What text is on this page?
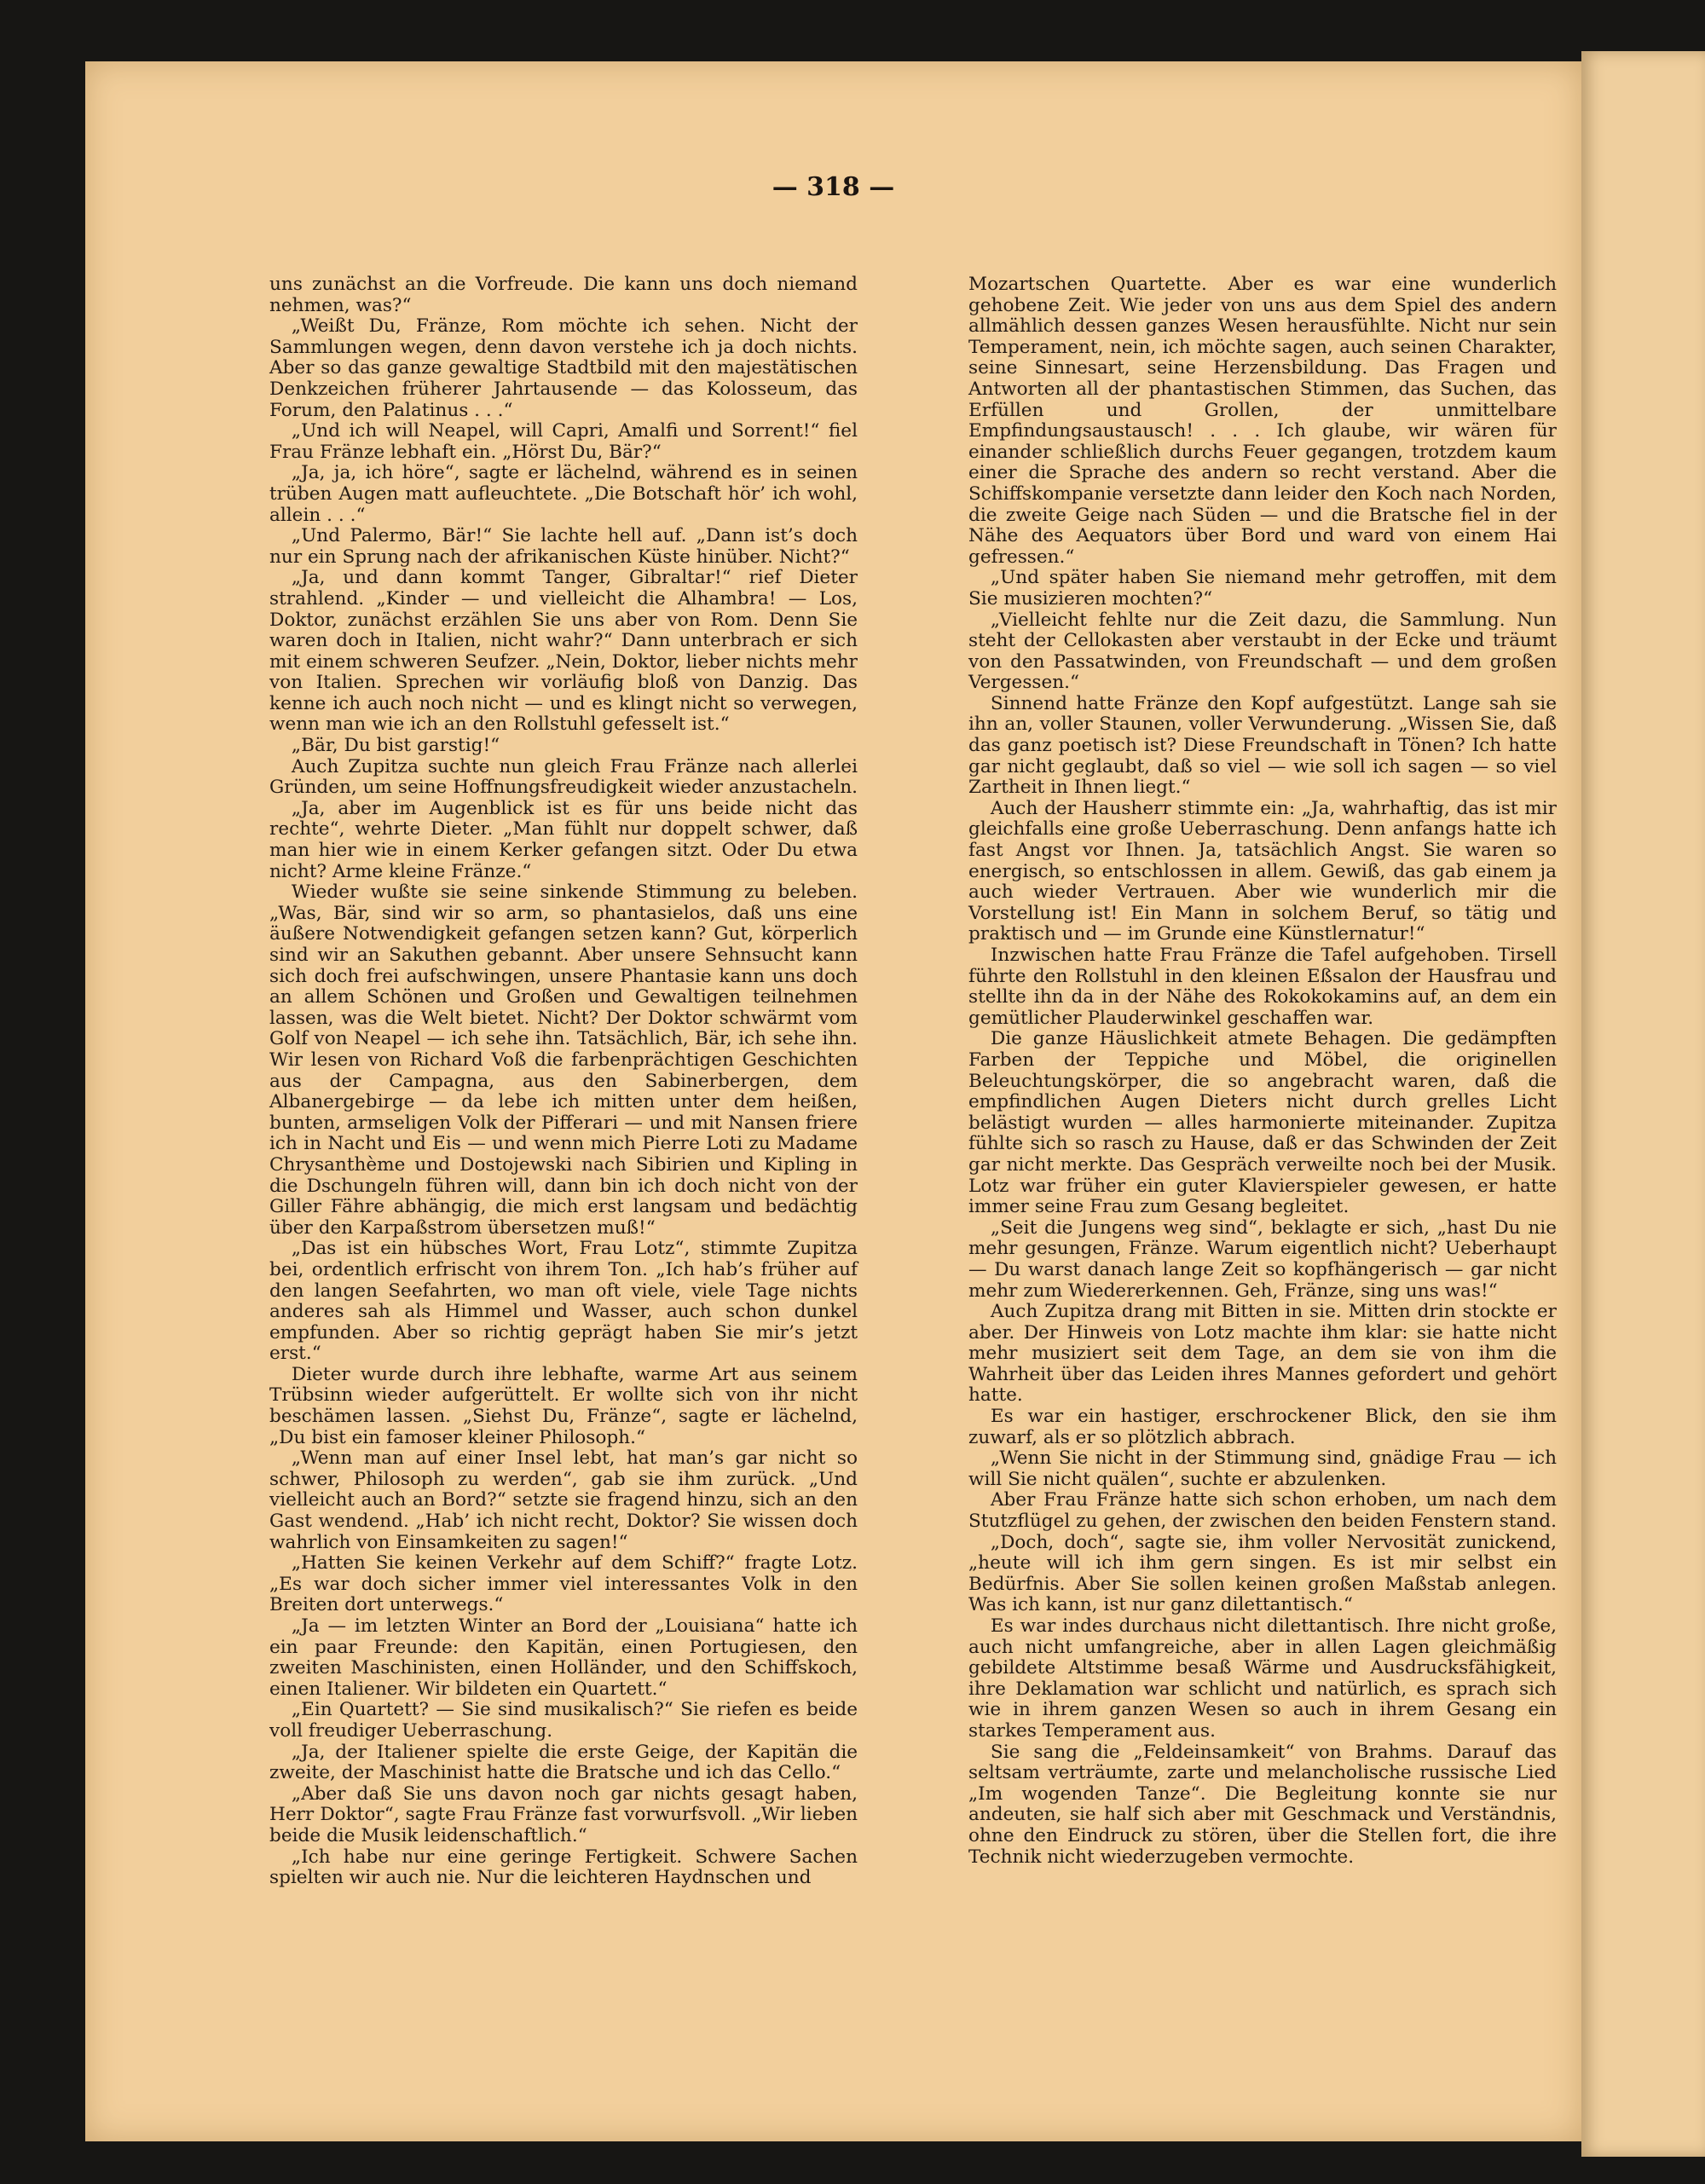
— 318 —

uns zunächst an die Vorfreude. Die kann uns doch niemand nehmen, was?“

„Weißt Du, Fränze, Rom möchte ich sehen. Nicht der Sammlungen wegen, denn davon verstehe ich ja doch nichts. Aber so das ganze gewaltige Stadtbild mit den majestätischen Denkzeichen früherer Jahrtausende — das Kolosseum, das Forum, den Palatinus . . .“

„Und ich will Neapel, will Capri, Amalfi und Sorrent!“ fiel Frau Fränze lebhaft ein. „Hörst Du, Bär?“

„Ja, ja, ich höre“, sagte er lächelnd, während es in seinen trüben Augen matt aufleuchtete. „Die Botschaft hör’ ich wohl, allein . . .“

„Und Palermo, Bär!“ Sie lachte hell auf. „Dann ist’s doch nur ein Sprung nach der afrikanischen Küste hinüber. Nicht?“

„Ja, und dann kommt Tanger, Gibraltar!“ rief Dieter strahlend. „Kinder — und vielleicht die Alhambra! — Los, Doktor, zunächst erzählen Sie uns aber von Rom. Denn Sie waren doch in Italien, nicht wahr?“ Dann unterbrach er sich mit einem schweren Seufzer. „Nein, Doktor, lieber nichts mehr von Italien. Sprechen wir vorläufig bloß von Danzig. Das kenne ich auch noch nicht — und es klingt nicht so verwegen, wenn man wie ich an den Rollstuhl gefesselt ist.“

„Bär, Du bist garstig!“

Auch Zupitza suchte nun gleich Frau Fränze nach allerlei Gründen, um seine Hoffnungsfreudigkeit wieder anzustacheln.

„Ja, aber im Augenblick ist es für uns beide nicht das rechte“, wehrte Dieter. „Man fühlt nur doppelt schwer, daß man hier wie in einem Kerker gefangen sitzt. Oder Du etwa nicht? Arme kleine Fränze.“

Wieder wußte sie seine sinkende Stimmung zu beleben. „Was, Bär, sind wir so arm, so phantasielos, daß uns eine äußere Notwendigkeit gefangen setzen kann? Gut, körperlich sind wir an Sakuthen gebannt. Aber unsere Sehnsucht kann sich doch frei aufschwingen, unsere Phantasie kann uns doch an allem Schönen und Großen und Gewaltigen teilnehmen lassen, was die Welt bietet. Nicht? Der Doktor schwärmt vom Golf von Neapel — ich sehe ihn. Tatsächlich, Bär, ich sehe ihn. Wir lesen von Richard Voß die farbenprächtigen Geschichten aus der Campagna, aus den Sabinerbergen, dem Albanergebirge — da lebe ich mitten unter dem heißen, bunten, armseligen Volk der Pifferari — und mit Nansen friere ich in Nacht und Eis — und wenn mich Pierre Loti zu Madame Chrysanthème und Dostojewski nach Sibirien und Kipling in die Dschungeln führen will, dann bin ich doch nicht von der Giller Fähre abhängig, die mich erst langsam und bedächtig über den Karpaßstrom übersetzen muß!“

„Das ist ein hübsches Wort, Frau Lotz“, stimmte Zupitza bei, ordentlich erfrischt von ihrem Ton. „Ich hab’s früher auf den langen Seefahrten, wo man oft viele, viele Tage nichts anderes sah als Himmel und Wasser, auch schon dunkel empfunden. Aber so richtig geprägt haben Sie mir’s jetzt erst.“

Dieter wurde durch ihre lebhafte, warme Art aus seinem Trübsinn wieder aufgerüttelt. Er wollte sich von ihr nicht beschämen lassen. „Siehst Du, Fränze“, sagte er lächelnd, „Du bist ein famoser kleiner Philosoph.“

„Wenn man auf einer Insel lebt, hat man’s gar nicht so schwer, Philosoph zu werden“, gab sie ihm zurück. „Und vielleicht auch an Bord?“ setzte sie fragend hinzu, sich an den Gast wendend. „Hab’ ich nicht recht, Doktor? Sie wissen doch wahrlich von Einsamkeiten zu sagen!“

„Hatten Sie keinen Verkehr auf dem Schiff?“ fragte Lotz. „Es war doch sicher immer viel interessantes Volk in den Breiten dort unterwegs.“

„Ja — im letzten Winter an Bord der „Louisiana“ hatte ich ein paar Freunde: den Kapitän, einen Portugiesen, den zweiten Maschinisten, einen Holländer, und den Schiffskoch, einen Italiener. Wir bildeten ein Quartett.“

„Ein Quartett? — Sie sind musikalisch?“ Sie riefen es beide voll freudiger Ueberraschung.

„Ja, der Italiener spielte die erste Geige, der Kapitän die zweite, der Maschinist hatte die Bratsche und ich das Cello.“

„Aber daß Sie uns davon noch gar nichts gesagt haben, Herr Doktor“, sagte Frau Fränze fast vorwurfsvoll. „Wir lieben beide die Musik leidenschaftlich.“

„Ich habe nur eine geringe Fertigkeit. Schwere Sachen spielten wir auch nie. Nur die leichteren Haydnschen und

Mozartschen Quartette. Aber es war eine wunderlich gehobene Zeit. Wie jeder von uns aus dem Spiel des andern allmählich dessen ganzes Wesen herausfühlte. Nicht nur sein Temperament, nein, ich möchte sagen, auch seinen Charakter, seine Sinnesart, seine Herzensbildung. Das Fragen und Antworten all der phantastischen Stimmen, das Suchen, das Erfüllen und Grollen, der unmittelbare Empfindungsaustausch! . . . Ich glaube, wir wären für einander schließlich durchs Feuer gegangen, trotzdem kaum einer die Sprache des andern so recht verstand. Aber die Schiffskompanie versetzte dann leider den Koch nach Norden, die zweite Geige nach Süden — und die Bratsche fiel in der Nähe des Aequators über Bord und ward von einem Hai gefressen.“

„Und später haben Sie niemand mehr getroffen, mit dem Sie musizieren mochten?“

„Vielleicht fehlte nur die Zeit dazu, die Sammlung. Nun steht der Cellokasten aber verstaubt in der Ecke und träumt von den Passatwinden, von Freundschaft — und dem großen Vergessen.“

Sinnend hatte Fränze den Kopf aufgestützt. Lange sah sie ihn an, voller Staunen, voller Verwunderung. „Wissen Sie, daß das ganz poetisch ist? Diese Freundschaft in Tönen? Ich hatte gar nicht geglaubt, daß so viel — wie soll ich sagen — so viel Zartheit in Ihnen liegt.“

Auch der Hausherr stimmte ein: „Ja, wahrhaftig, das ist mir gleichfalls eine große Ueberraschung. Denn anfangs hatte ich fast Angst vor Ihnen. Ja, tatsächlich Angst. Sie waren so energisch, so entschlossen in allem. Gewiß, das gab einem ja auch wieder Vertrauen. Aber wie wunderlich mir die Vorstellung ist! Ein Mann in solchem Beruf, so tätig und praktisch und — im Grunde eine Künstlernatur!“

Inzwischen hatte Frau Fränze die Tafel aufgehoben. Tirsell führte den Rollstuhl in den kleinen Eßsalon der Hausfrau und stellte ihn da in der Nähe des Rokokokamins auf, an dem ein gemütlicher Plauderwinkel geschaffen war.

Die ganze Häuslichkeit atmete Behagen. Die gedämpften Farben der Teppiche und Möbel, die originellen Beleuchtungskörper, die so angebracht waren, daß die empfindlichen Augen Dieters nicht durch grelles Licht belästigt wurden — alles harmonierte miteinander. Zupitza fühlte sich so rasch zu Hause, daß er das Schwinden der Zeit gar nicht merkte. Das Gespräch verweilte noch bei der Musik. Lotz war früher ein guter Klavierspieler gewesen, er hatte immer seine Frau zum Gesang begleitet.

„Seit die Jungens weg sind“, beklagte er sich, „hast Du nie mehr gesungen, Fränze. Warum eigentlich nicht? Ueberhaupt — Du warst danach lange Zeit so kopfhängerisch — gar nicht mehr zum Wiedererkennen. Geh, Fränze, sing uns was!“

Auch Zupitza drang mit Bitten in sie. Mitten drin stockte er aber. Der Hinweis von Lotz machte ihm klar: sie hatte nicht mehr musiziert seit dem Tage, an dem sie von ihm die Wahrheit über das Leiden ihres Mannes gefordert und gehört hatte.

Es war ein hastiger, erschrockener Blick, den sie ihm zuwarf, als er so plötzlich abbrach.

„Wenn Sie nicht in der Stimmung sind, gnädige Frau — ich will Sie nicht quälen“, suchte er abzulenken.

Aber Frau Fränze hatte sich schon erhoben, um nach dem Stutzflügel zu gehen, der zwischen den beiden Fenstern stand.

„Doch, doch“, sagte sie, ihm voller Nervosität zunickend, „heute will ich ihm gern singen. Es ist mir selbst ein Bedürfnis. Aber Sie sollen keinen großen Maßstab anlegen. Was ich kann, ist nur ganz dilettantisch.“

Es war indes durchaus nicht dilettantisch. Ihre nicht große, auch nicht umfangreiche, aber in allen Lagen gleichmäßig gebildete Altstimme besaß Wärme und Ausdrucksfähigkeit, ihre Deklamation war schlicht und natürlich, es sprach sich wie in ihrem ganzen Wesen so auch in ihrem Gesang ein starkes Temperament aus.

Sie sang die „Feldeinsamkeit“ von Brahms. Darauf das seltsam verträumte, zarte und melancholische russische Lied „Im wogenden Tanze“. Die Begleitung konnte sie nur andeuten, sie half sich aber mit Geschmack und Verständnis, ohne den Eindruck zu stören, über die Stellen fort, die ihre Technik nicht wiederzugeben vermochte.
